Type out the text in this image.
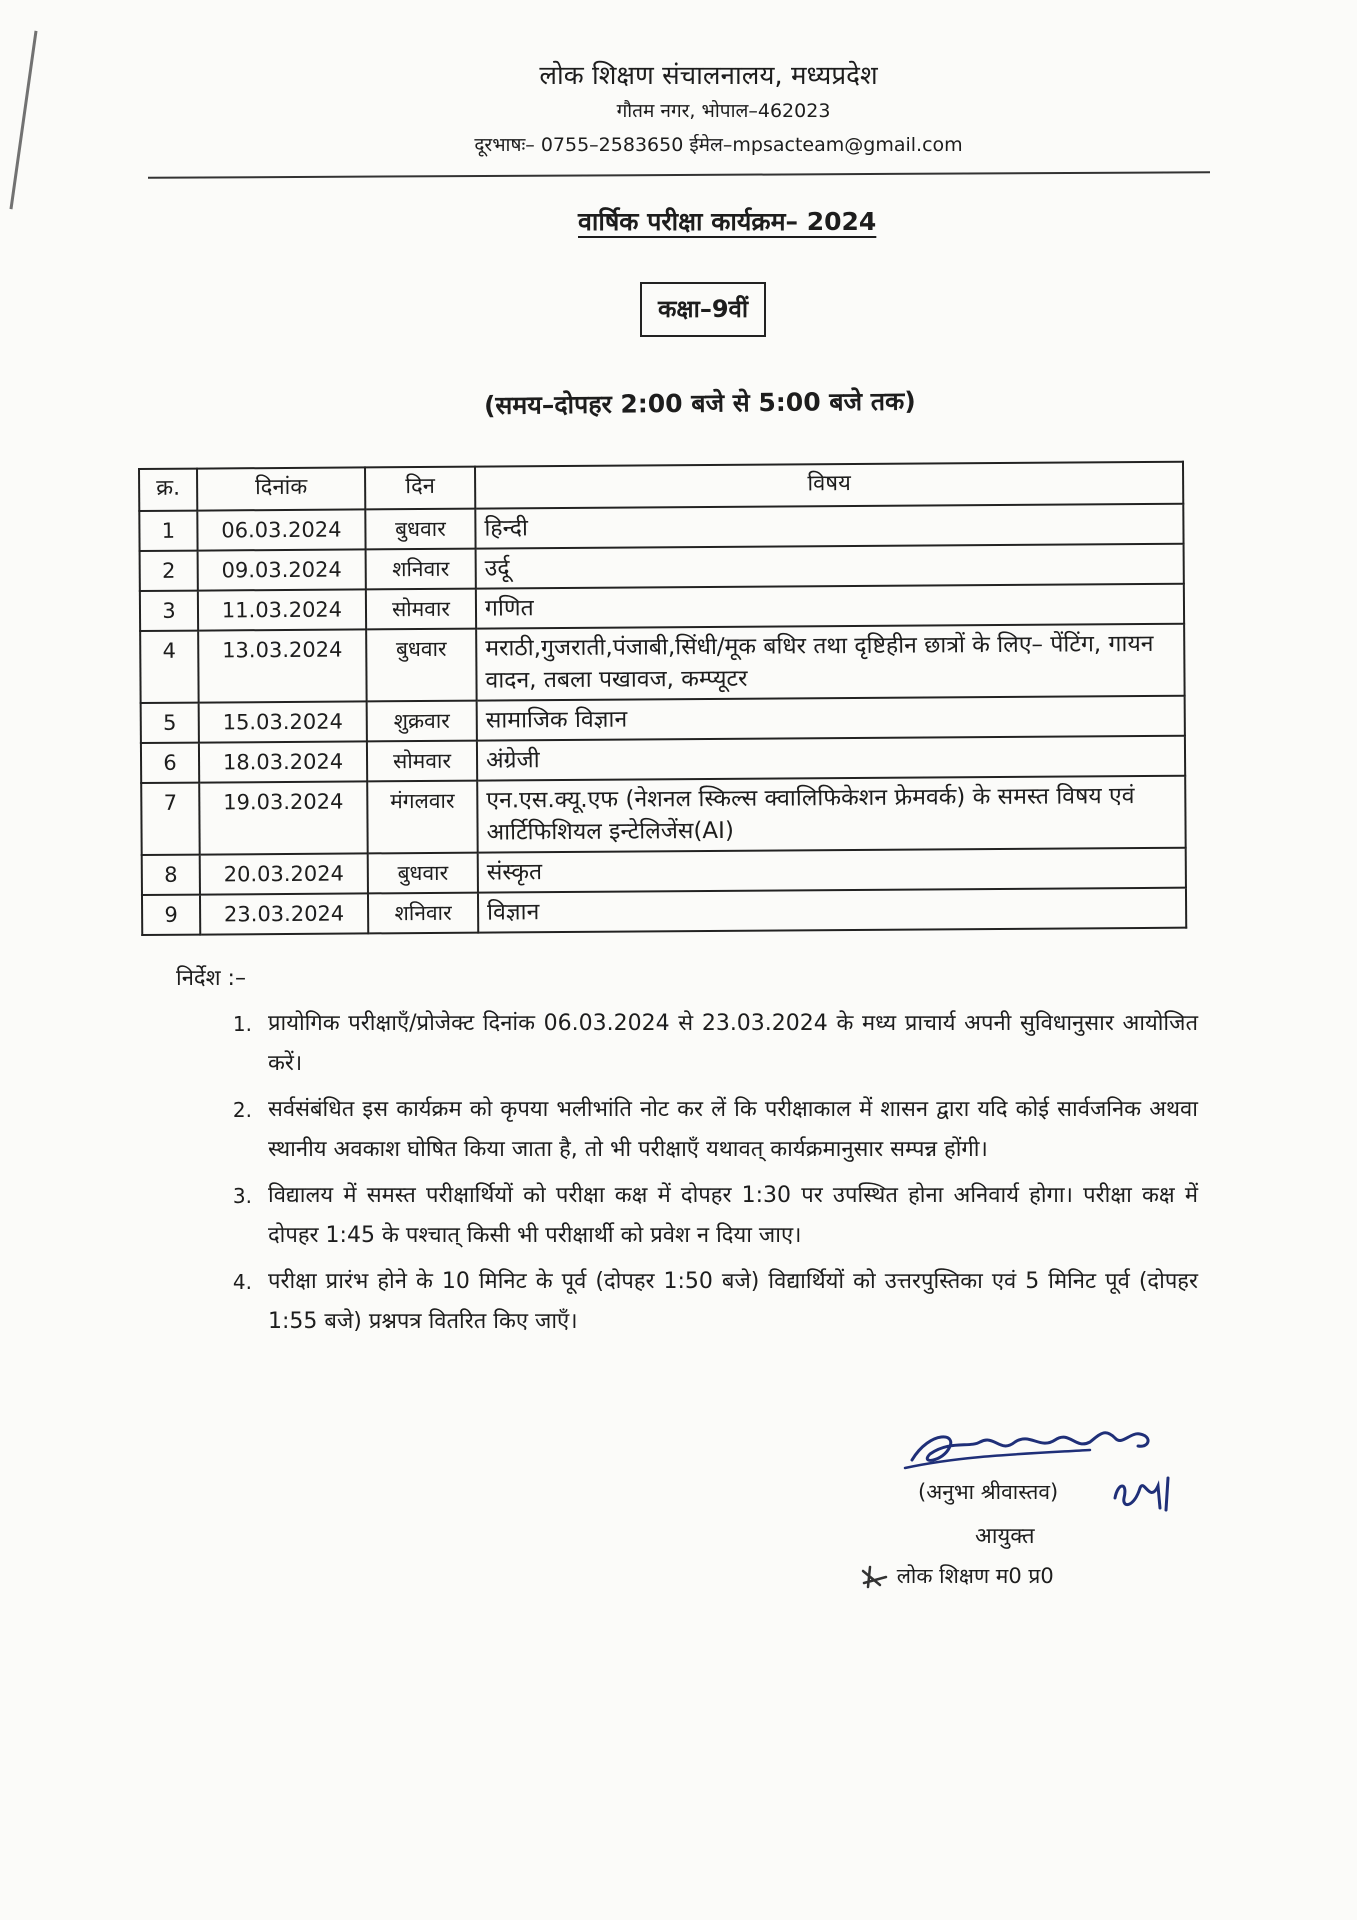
लोक शिक्षण संचालनालय, मध्यप्रदेश
गौतम नगर, भोपाल–462023
दूरभाषः– 0755–2583650 ईमेल–mpsacteam@gmail.com
वार्षिक परीक्षा कार्यक्रम– 2024
कक्षा–9वीं
(समय–दोपहर 2:00 बजे से 5:00 बजे तक)
क्र.	दिनांक	दिन	विषय
1	06.03.2024	बुधवार	हिन्दी
2	09.03.2024	शनिवार	उर्दू
3	11.03.2024	सोमवार	गणित
4	13.03.2024	बुधवार	मराठी,गुजराती,पंजाबी,सिंधी/मूक बधिर तथा दृष्टिहीन छात्रों के लिए– पेंटिंग, गायन वादन, तबला पखावज, कम्प्यूटर
5	15.03.2024	शुक्रवार	सामाजिक विज्ञान
6	18.03.2024	सोमवार	अंग्रेजी
7	19.03.2024	मंगलवार	एन.एस.क्यू.एफ (नेशनल स्किल्स क्वालिफिकेशन फ्रेमवर्क) के समस्त विषय एवं आर्टिफिशियल इन्टेलिजेंस(AI)
8	20.03.2024	बुधवार	संस्कृत
9	23.03.2024	शनिवार	विज्ञान
निर्देश :–
1. प्रायोगिक परीक्षाएँ/प्रोजेक्ट दिनांक 06.03.2024 से 23.03.2024 के मध्य प्राचार्य अपनी सुविधानुसार आयोजित करें।
2. सर्वसंबंधित इस कार्यक्रम को कृपया भलीभांति नोट कर लें कि परीक्षाकाल में शासन द्वारा यदि कोई सार्वजनिक अथवा स्थानीय अवकाश घोषित किया जाता है, तो भी परीक्षाएँ यथावत् कार्यक्रमानुसार सम्पन्न होंगी।
3. विद्यालय में समस्त परीक्षार्थियों को परीक्षा कक्ष में दोपहर 1:30 पर उपस्थित होना अनिवार्य होगा। परीक्षा कक्ष में दोपहर 1:45 के पश्चात् किसी भी परीक्षार्थी को प्रवेश न दिया जाए।
4. परीक्षा प्रारंभ होने के 10 मिनिट के पूर्व (दोपहर 1:50 बजे) विद्यार्थियों को उत्तरपुस्तिका एवं 5 मिनिट पूर्व (दोपहर 1:55 बजे) प्रश्नपत्र वितरित किए जाएँ।
(अनुभा श्रीवास्तव)
आयुक्त
लोक शिक्षण म0 प्र0
